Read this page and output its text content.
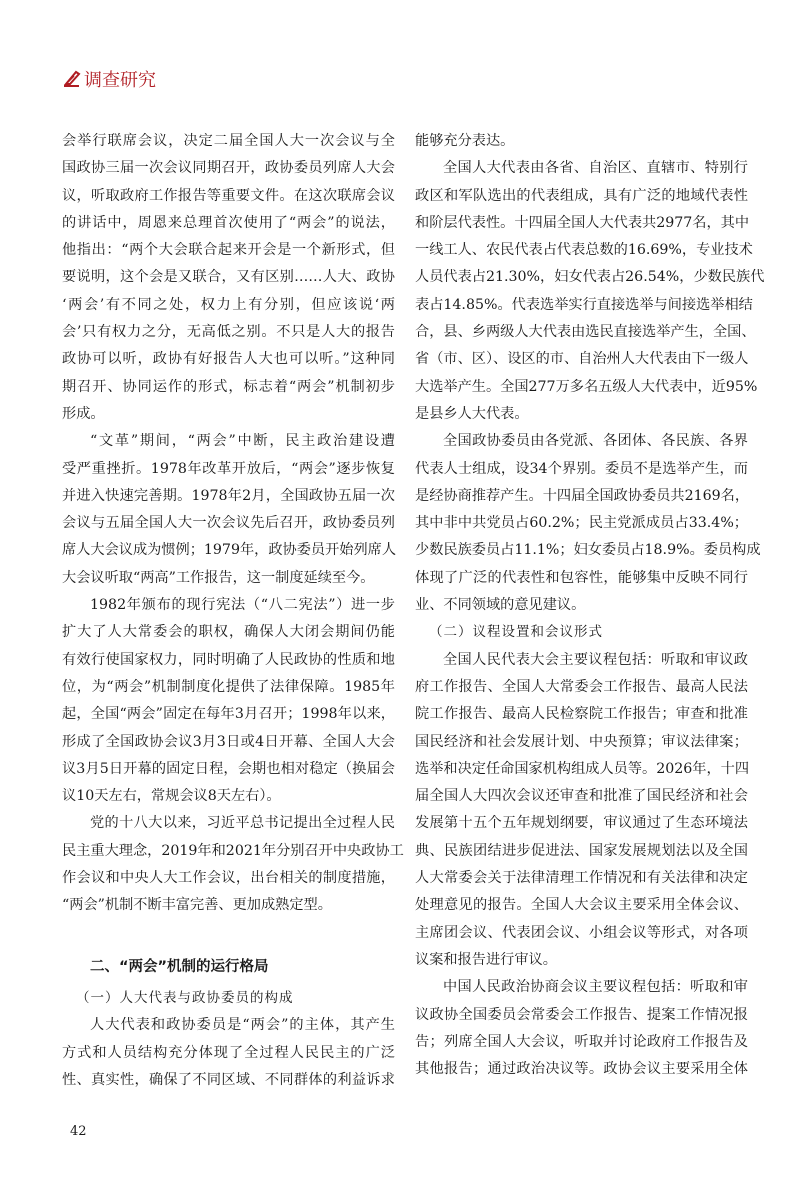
调查研究
会举行联席会议，决定二届全国人大一次会议与全
国政协三届一次会议同期召开，政协委员列席人大会
议，听取政府工作报告等重要文件。在这次联席会议
的讲话中，周恩来总理首次使用了“两会”的说法，
他指出：“两个大会联合起来开会是一个新形式，但
要说明，这个会是又联合，又有区别……人大、政协
‘两会’有不同之处，权力上有分别，但应该说‘两
会’只有权力之分，无高低之别。不只是人大的报告
政协可以听，政协有好报告人大也可以听。”这种同
期召开、协同运作的形式，标志着“两会”机制初步
形成。
“文革”期间，“两会”中断，民主政治建设遭
受严重挫折。1978年改革开放后，“两会”逐步恢复
并进入快速完善期。1978年2月，全国政协五届一次
会议与五届全国人大一次会议先后召开，政协委员列
席人大会议成为惯例；1979年，政协委员开始列席人
大会议听取“两高”工作报告，这一制度延续至今。
1982年颁布的现行宪法（“八二宪法”）进一步
扩大了人大常委会的职权，确保人大闭会期间仍能
有效行使国家权力，同时明确了人民政协的性质和地
位，为“两会”机制制度化提供了法律保障。1985年
起，全国“两会”固定在每年3月召开；1998年以来，
形成了全国政协会议3月3日或4日开幕、全国人大会
议3月5日开幕的固定日程，会期也相对稳定（换届会
议10天左右，常规会议8天左右）。
党的十八大以来，习近平总书记提出全过程人民
民主重大理念，2019年和2021年分别召开中央政协工
作会议和中央人大工作会议，出台相关的制度措施，
“两会”机制不断丰富完善、更加成熟定型。
二、“两会”机制的运行格局
（一）人大代表与政协委员的构成
人大代表和政协委员是“两会”的主体，其产生
方式和人员结构充分体现了全过程人民民主的广泛
性、真实性，确保了不同区域、不同群体的利益诉求
能够充分表达。
全国人大代表由各省、自治区、直辖市、特别行
政区和军队选出的代表组成，具有广泛的地域代表性
和阶层代表性。十四届全国人大代表共2977名，其中
一线工人、农民代表占代表总数的16.69%，专业技术
人员代表占21.30%，妇女代表占26.54%，少数民族代
表占14.85%。代表选举实行直接选举与间接选举相结
合，县、乡两级人大代表由选民直接选举产生，全国、
省（市、区）、设区的市、自治州人大代表由下一级人
大选举产生。全国277万多名五级人大代表中，近95%
是县乡人大代表。
全国政协委员由各党派、各团体、各民族、各界
代表人士组成，设34个界别。委员不是选举产生，而
是经协商推荐产生。十四届全国政协委员共2169名，
其中非中共党员占60.2%；民主党派成员占33.4%；
少数民族委员占11.1%；妇女委员占18.9%。委员构成
体现了广泛的代表性和包容性，能够集中反映不同行
业、不同领域的意见建议。
（二）议程设置和会议形式
全国人民代表大会主要议程包括：听取和审议政
府工作报告、全国人大常委会工作报告、最高人民法
院工作报告、最高人民检察院工作报告；审查和批准
国民经济和社会发展计划、中央预算；审议法律案；
选举和决定任命国家机构组成人员等。2026年，十四
届全国人大四次会议还审查和批准了国民经济和社会
发展第十五个五年规划纲要，审议通过了生态环境法
典、民族团结进步促进法、国家发展规划法以及全国
人大常委会关于法律清理工作情况和有关法律和决定
处理意见的报告。全国人大会议主要采用全体会议、
主席团会议、代表团会议、小组会议等形式，对各项
议案和报告进行审议。
中国人民政治协商会议主要议程包括：听取和审
议政协全国委员会常委会工作报告、提案工作情况报
告；列席全国人大会议，听取并讨论政府工作报告及
其他报告；通过政治决议等。政协会议主要采用全体
42
